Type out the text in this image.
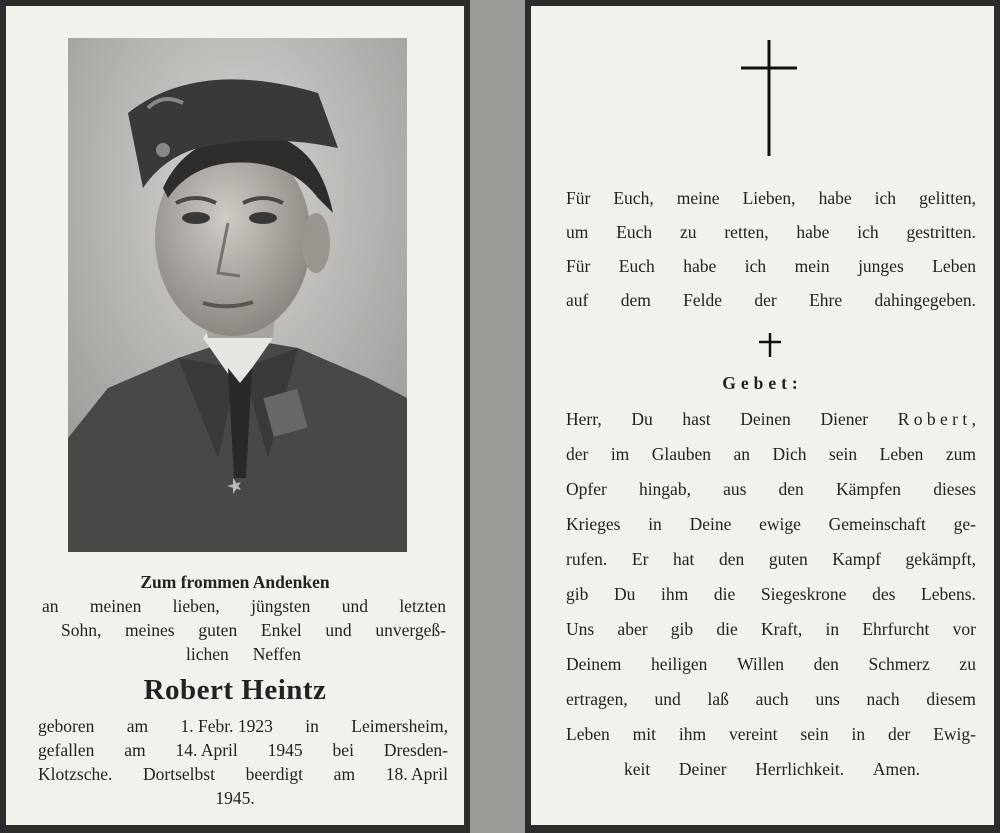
Zum frommen Andenken
an meinen lieben, jüngsten und letzten
Sohn, meines guten Enkel und unvergeß-
lichen Neffen
Robert Heintz
geboren am 1. Febr. 1923 in Leimersheim,
gefallen am 14. April 1945 bei Dresden-
Klotzsche. Dortselbst beerdigt am 18. April
1945.
Für Euch, meine Lieben, habe ich gelitten,
um Euch zu retten, habe ich gestritten.
Für Euch habe ich mein junges Leben
auf dem Felde der Ehre dahingegeben.
Gebet:
Herr, Du hast Deinen Diener R o b e r t ,
der im Glauben an Dich sein Leben zum
Opfer hingab, aus den Kämpfen dieses
Krieges in Deine ewige Gemeinschaft ge-
rufen. Er hat den guten Kampf gekämpft,
gib Du ihm die Siegeskrone des Lebens.
Uns aber gib die Kraft, in Ehrfurcht vor
Deinem heiligen Willen den Schmerz zu
ertragen, und laß auch uns nach diesem
Leben mit ihm vereint sein in der Ewig-
keit Deiner Herrlichkeit. Amen.
